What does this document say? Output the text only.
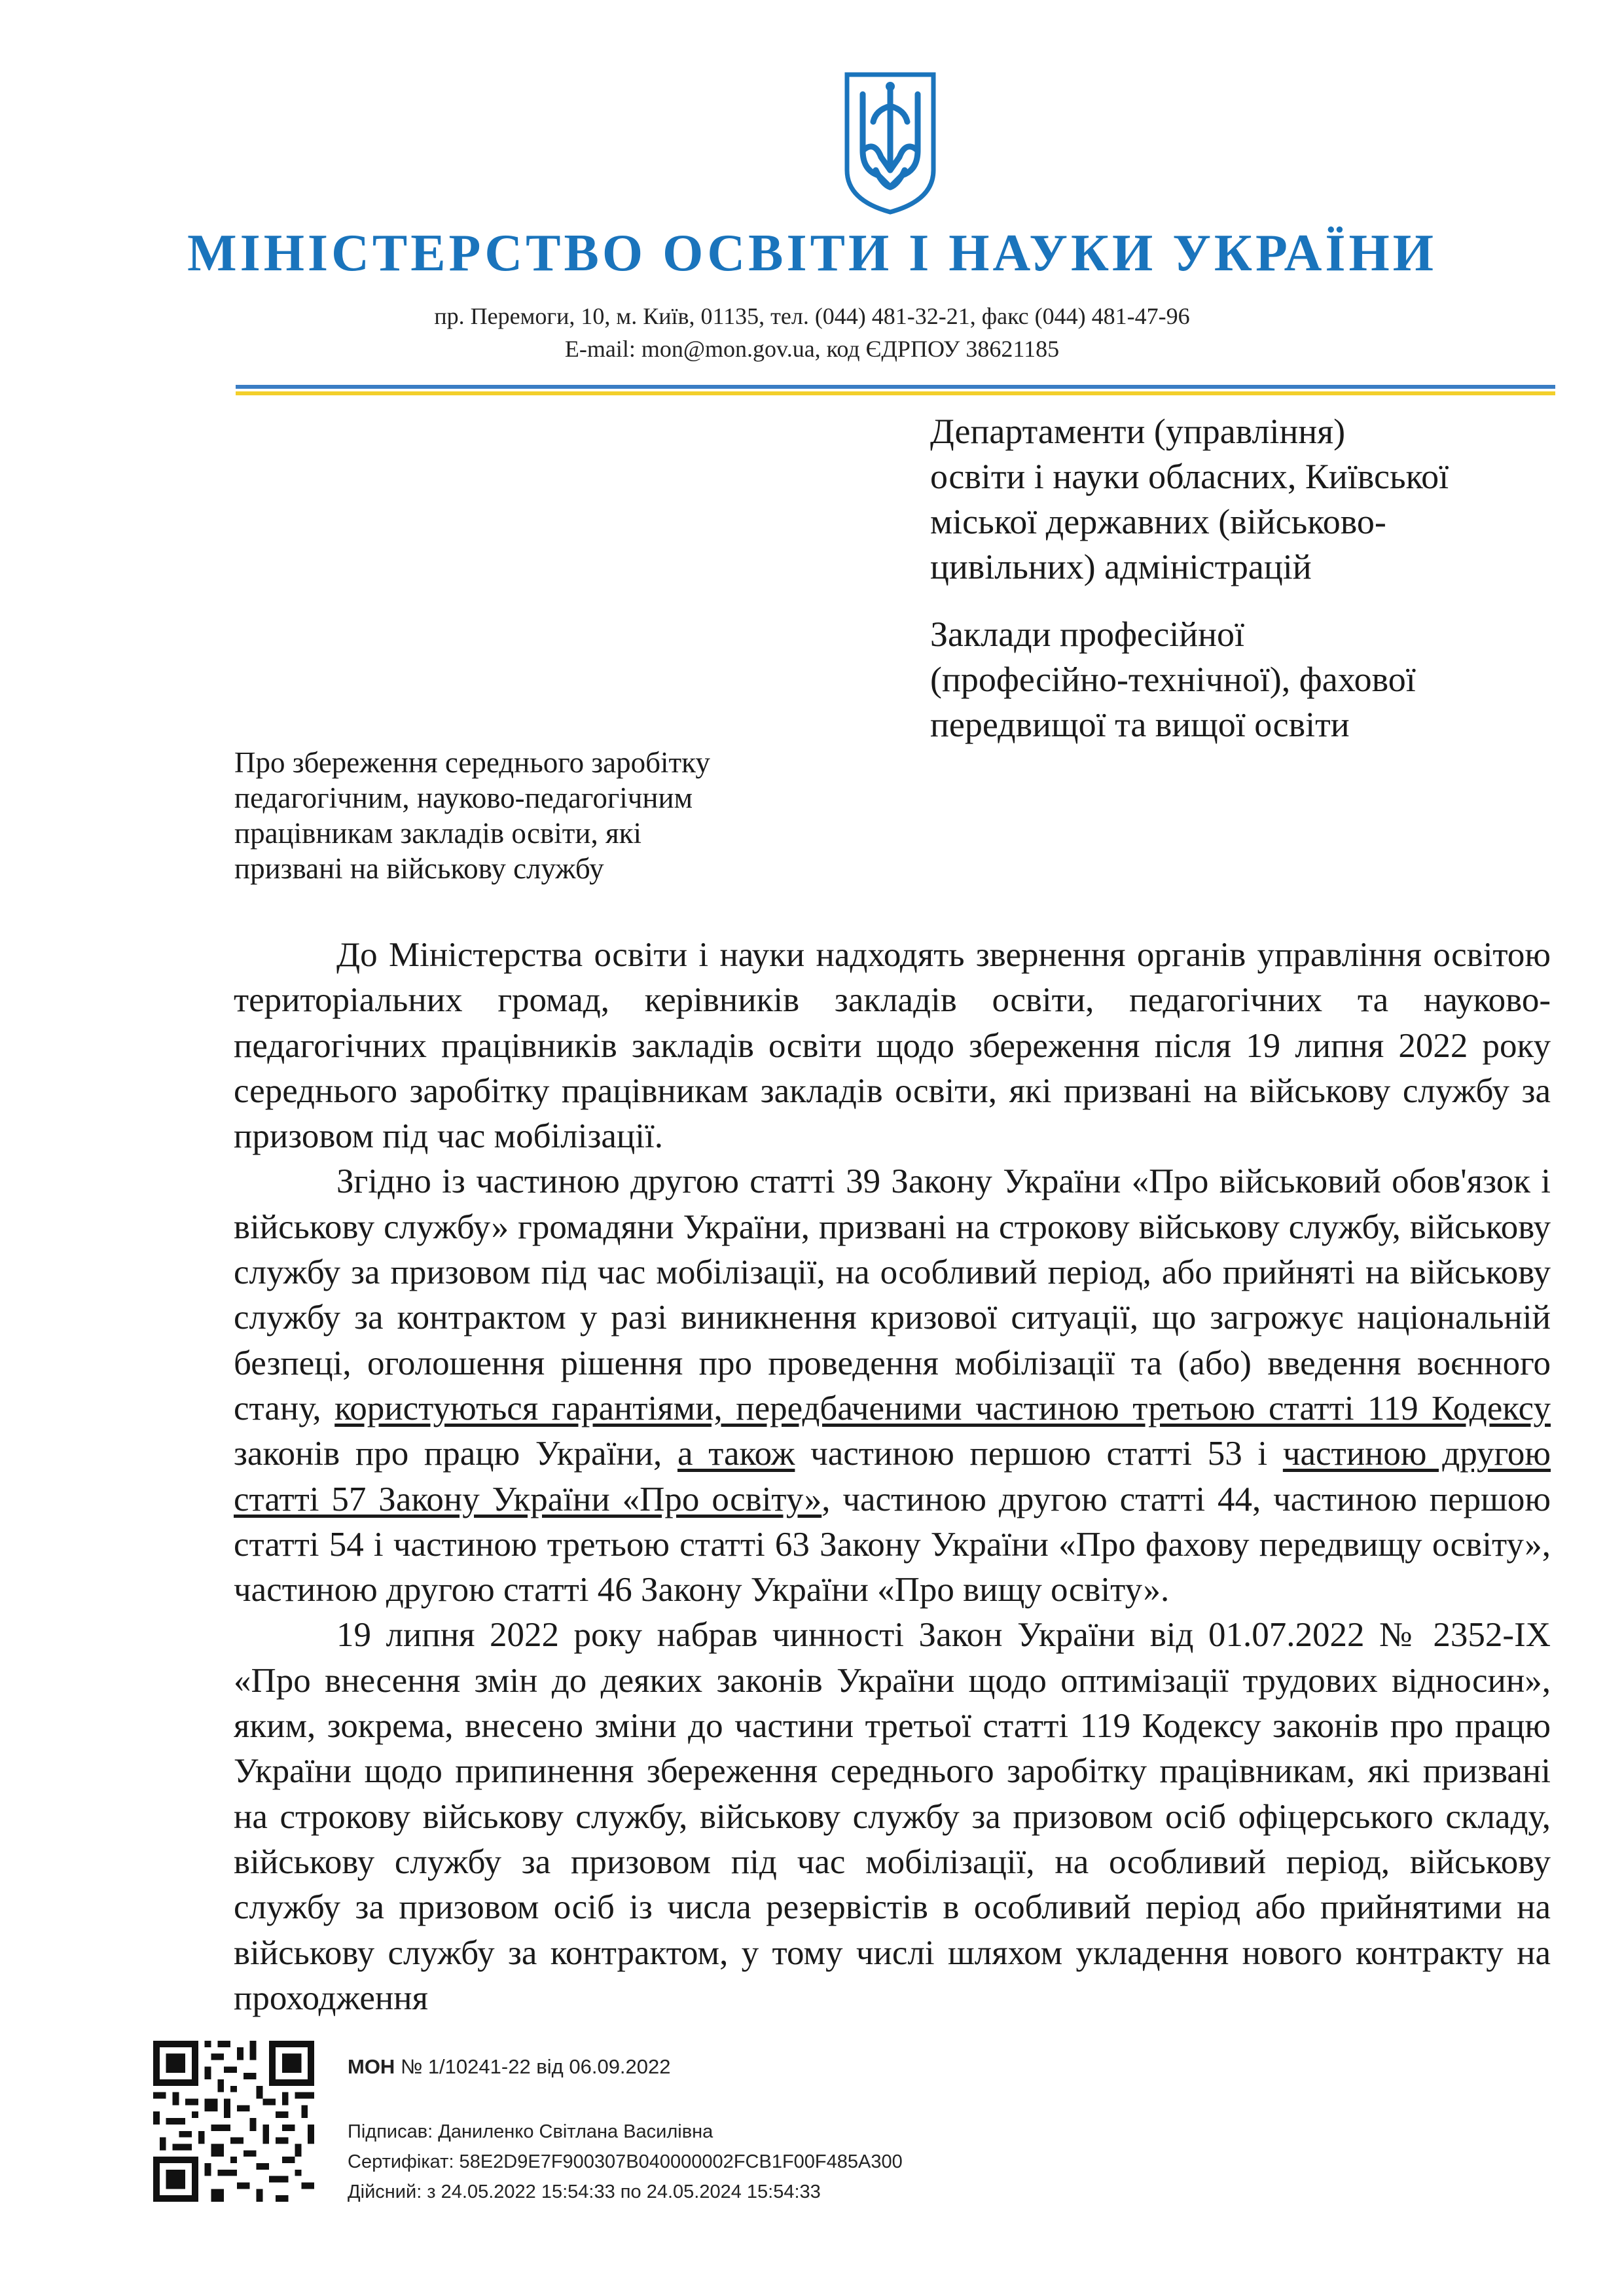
МІНІСТЕРСТВО ОСВІТИ І НАУКИ УКРАЇНИ
пр. Перемоги, 10, м. Київ, 01135, тел. (044) 481-32-21, факс (044) 481-47-96
E-mail: mon@mon.gov.ua, код ЄДРПОУ 38621185
Департаменти (управління)
освіти і науки обласних, Київської
міської державних (військово-
цивільних) адміністрацій
Заклади професійної
(професійно-технічної), фахової
передвищої та вищої освіти
Про збереження середнього заробітку
педагогічним, науково-педагогічним
працівникам закладів освіти, які
призвані на військову службу

До Міністерства освіти і науки надходять звернення органів управління освітою територіальних громад, керівників закладів освіти, педагогічних та науково-педагогічних працівників закладів освіти щодо збереження після 19 липня 2022 року середнього заробітку працівникам закладів освіти, які призвані на військову службу за призовом під час мобілізації.

Згідно із частиною другою статті 39 Закону України «Про військовий обов'язок і військову службу» громадяни України, призвані на строкову військову службу, військову службу за призовом під час мобілізації, на особливий період, або прийняті на військову службу за контрактом у разі виникнення кризової ситуації, що загрожує національній безпеці, оголошення рішення про проведення мобілізації та (або) введення воєнного стану, користуються гарантіями, передбаченими частиною третьою статті 119 Кодексу законів про працю України, а також частиною першою статті 53 і частиною другою статті 57 Закону України «Про освіту», частиною другою статті 44, частиною першою статті 54 і частиною третьою статті 63 Закону України «Про фахову передвищу освіту», частиною другою статті 46 Закону України «Про вищу освіту».

19 липня 2022 року набрав чинності Закон України від 01.07.2022 № 2352-IX «Про внесення змін до деяких законів України щодо оптимізації трудових відносин», яким, зокрема, внесено зміни до частини третьої статті 119 Кодексу законів про працю України щодо припинення збереження середнього заробітку працівникам, які призвані на строкову військову службу, військову службу за призовом осіб офіцерського складу, військову службу за призовом під час мобілізації, на особливий період, військову службу за призовом осіб із числа резервістів в особливий період або прийнятими на військову службу за контрактом, у тому числі шляхом укладення нового контракту на проходження

МОН № 1/10241-22 від 06.09.2022
Підписав: Даниленко Світлана Василівна
Сертифікат: 58E2D9E7F900307B040000002FCB1F00F485A300
Дійсний: з 24.05.2022 15:54:33 по 24.05.2024 15:54:33
